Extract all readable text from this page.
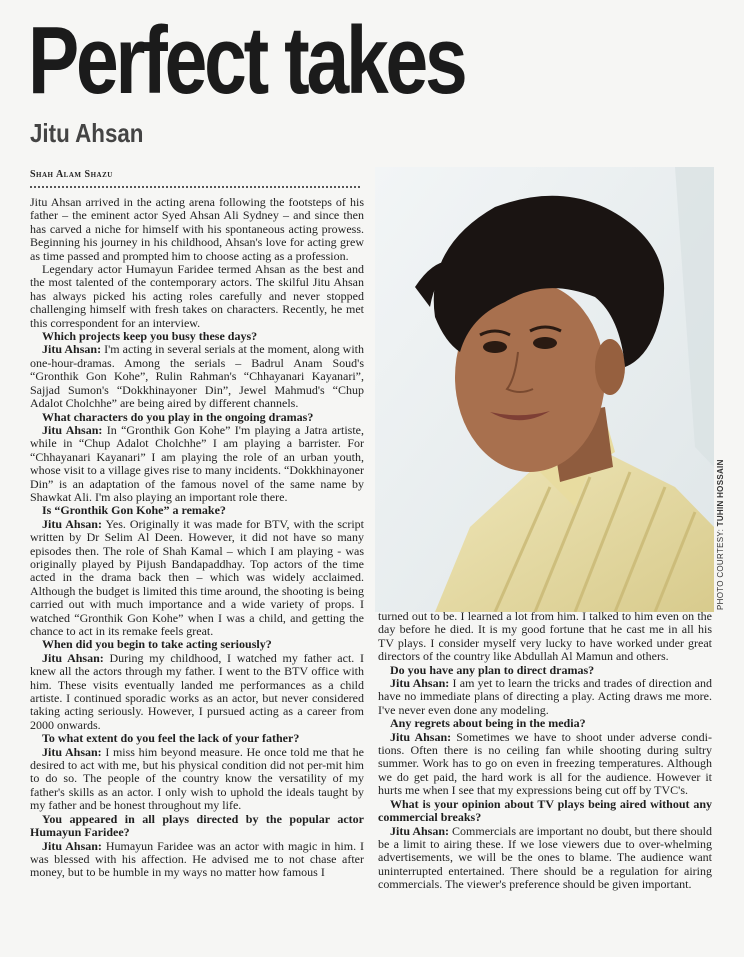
Perfect takes
Jitu Ahsan
Shah Alam Shazu

Jitu Ahsan arrived in the acting arena following the footsteps of his father – the eminent actor Syed Ahsan Ali Sydney – and since then has carved a niche for himself with his spontaneous acting prowess. Beginning his journey in his childhood, Ahsan's love for acting grew as time passed and prompted him to choose acting as a profession.

Legendary actor Humayun Faridee termed Ahsan as the best and the most talented of the contemporary actors. The skilful Jitu Ahsan has always picked his acting roles carefully and never stopped challenging himself with fresh takes on characters. Recently, he met this correspondent for an interview.

Which projects keep you busy these days?

Jitu Ahsan: I'm acting in several serials at the moment, along with one-hour-dramas. Among the serials – Badrul Anam Soud's “Gronthik Gon Kohe”, Rulin Rahman's “Chhayanari Kayanari”, Sajjad Sumon's “Dokkhinayoner Din”, Jewel Mahmud's “Chup Adalot Cholchhe” are being aired by different channels.

What characters do you play in the ongoing dramas?

Jitu Ahsan: In “Gronthik Gon Kohe” I'm playing a Jatra artiste, while in “Chup Adalot Cholchhe” I am playing a barrister. For “Chhayanari Kayanari” I am playing the role of an urban youth, whose visit to a village gives rise to many incidents. “Dokkhinayoner Din” is an adaptation of the famous novel of the same name by Shawkat Ali. I'm also playing an important role there.

Is “Gronthik Gon Kohe” a remake?

Jitu Ahsan: Yes. Originally it was made for BTV, with the script written by Dr Selim Al Deen. However, it did not have so many episodes then. The role of Shah Kamal – which I am playing - was originally played by Pijush Bandapaddhay. Top actors of the time acted in the drama back then – which was widely acclaimed. Although the budget is limited this time around, the shooting is being carried out with much importance and a wide variety of props. I watched “Gronthik Gon Kohe” when I was a child, and getting the chance to act in its remake feels great.

When did you begin to take acting seriously?

Jitu Ahsan: During my childhood, I watched my father act. I knew all the actors through my father. I went to the BTV office with him. These visits eventually landed me performances as a child artiste. I continued sporadic works as an actor, but never considered taking acting seriously. However, I pursued acting as a career from 2000 onwards.

To what extent do you feel the lack of your father?

Jitu Ahsan: I miss him beyond measure. He once told me that he desired to act with me, but his physical condition did not per-mit him to do so. The people of the country know the versatility of my father's skills as an actor. I only wish to uphold the ideals taught by my father and be honest throughout my life.

You appeared in all plays directed by the popular actor Humayun Faridee?

Jitu Ahsan: Humayun Faridee was an actor with magic in him. I was blessed with his affection. He advised me to not chase after money, but to be humble in my ways no matter how famous I

PHOTO COURTESY: TUHIN HOSSAIN

turned out to be. I learned a lot from him. I talked to him even on the day before he died. It is my good fortune that he cast me in all his TV plays. I consider myself very lucky to have worked under great directors of the country like Abdullah Al Mamun and others.

Do you have any plan to direct dramas?

Jitu Ahsan: I am yet to learn the tricks and trades of direction and have no immediate plans of directing a play. Acting draws me more. I've never even done any modeling.

Any regrets about being in the media?

Jitu Ahsan: Sometimes we have to shoot under adverse condi-tions. Often there is no ceiling fan while shooting during sultry summer. Work has to go on even in freezing temperatures. Although we do get paid, the hard work is all for the audience. However it hurts me when I see that my expressions being cut off by TVC's.

What is your opinion about TV plays being aired without any commercial breaks?

Jitu Ahsan: Commercials are important no doubt, but there should be a limit to airing these. If we lose viewers due to over-whelming advertisements, we will be the ones to blame. The audience want uninterrupted entertained. There should be a regulation for airing commercials. The viewer's preference should be given important.
